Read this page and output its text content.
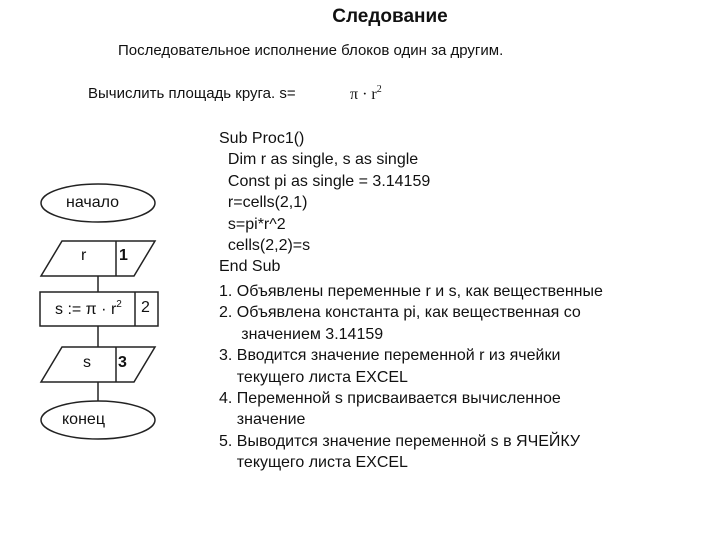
Следование
Последовательное исполнение блоков один за другим.
Вычислить площадь круга. s=	$\pi \cdot r^2$
Sub Proc1()
Dim r as single, s as single
Const pi as single = 3.14159
r=cells(2,1)
s=pi*r^2
cells(2,2)=s
End Sub
1. Объявлены переменные r и s, как вещественные
2. Объявлена константа pi, как вещественная со
значением 3.14159
3. Вводится значение переменной r из ячейки
текущего листа EXCEL
4. Переменной s присваивается вычисленное
значение
5. Выводится значение переменной s в ЯЧЕЙКУ
текущего листа EXCEL
начало
r 1
s := $\pi \cdot r^2$ 2
s 3
конец
